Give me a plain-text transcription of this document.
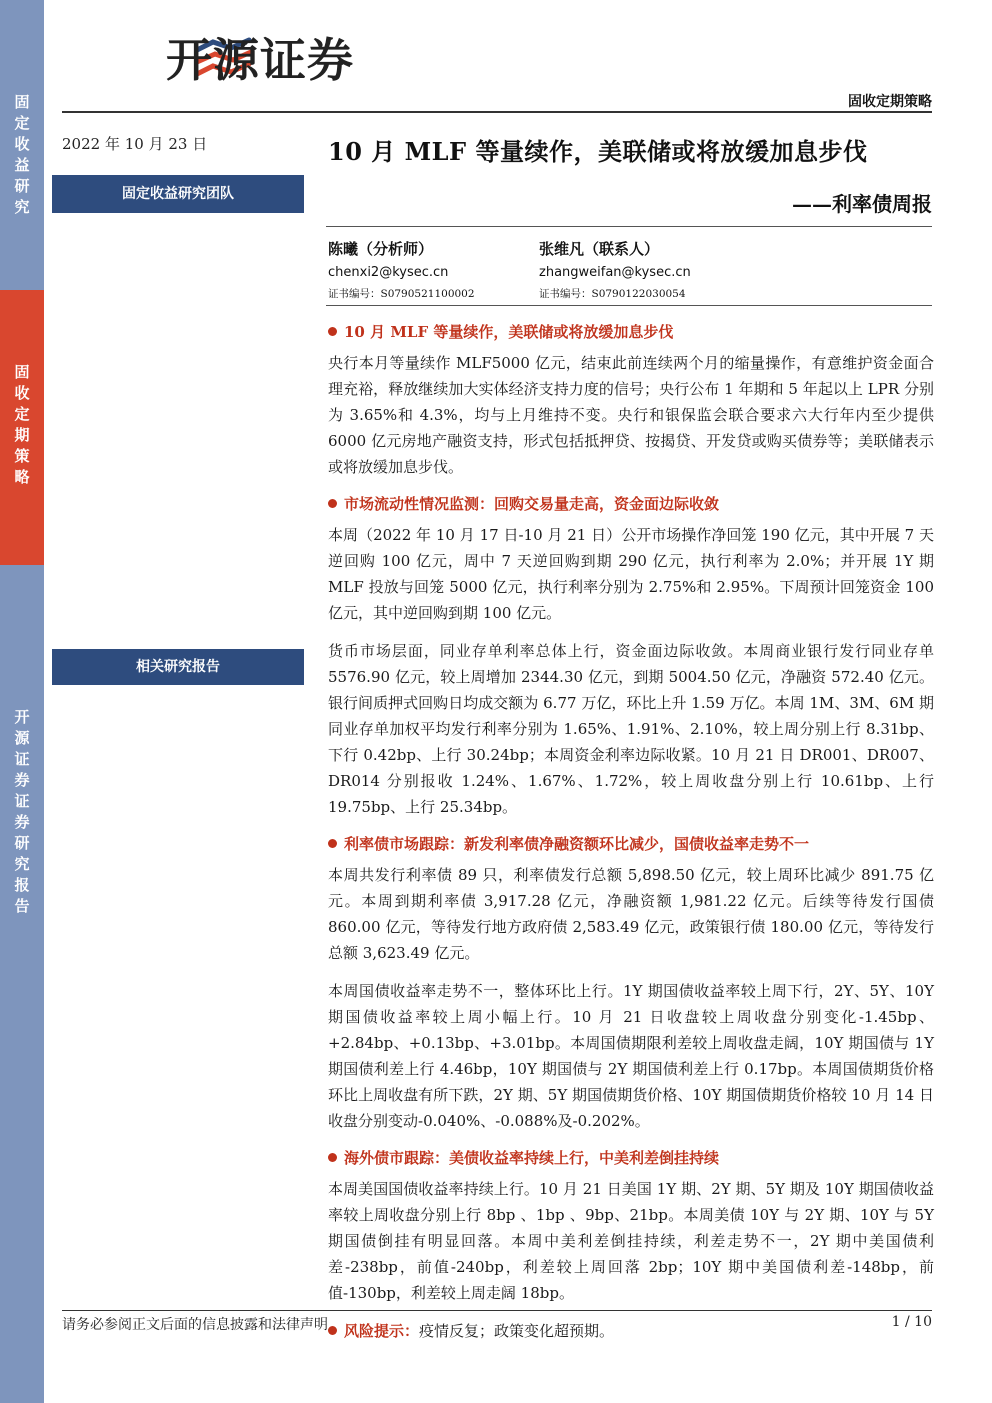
固定收益研究
固收定期策略
开源证券 证券研究报告
开源证券
固收定期策略
2022 年 10 月 23 日
固定收益研究团队
相关研究报告
10 月 MLF 等量续作，美联储或将放缓加息步伐
——利率债周报
陈曦（分析师）
chenxi2@kysec.cn
证书编号：S0790521100002
张维凡（联系人）
zhangweifan@kysec.cn
证书编号：S0790122030054
10 月 MLF 等量续作，美联储或将放缓加息步伐

央行本月等量续作 MLF5000 亿元，结束此前连续两个月的缩量操作，有意维护资金面合理充裕，释放继续加大实体经济支持力度的信号；央行公布 1 年期和 5 年起以上 LPR 分别为 3.65%和 4.3%，均与上月维持不变。央行和银保监会联合要求六大行年内至少提供 6000 亿元房地产融资支持，形式包括抵押贷、按揭贷、开发贷或购买债券等；美联储表示或将放缓加息步伐。

市场流动性情况监测：回购交易量走高，资金面边际收敛

本周（2022 年 10 月 17 日-10 月 21 日）公开市场操作净回笼 190 亿元，其中开展 7 天逆回购 100 亿元，周中 7 天逆回购到期 290 亿元，执行利率为 2.0%；并开展 1Y 期 MLF 投放与回笼 5000 亿元，执行利率分别为 2.75%和 2.95%。下周预计回笼资金 100 亿元，其中逆回购到期 100 亿元。

货币市场层面，同业存单利率总体上行，资金面边际收敛。本周商业银行发行同业存单 5576.90 亿元，较上周增加 2344.30 亿元，到期 5004.50 亿元，净融资 572.40 亿元。银行间质押式回购日均成交额为 6.77 万亿，环比上升 1.59 万亿。本周 1M、3M、6M 期同业存单加权平均发行利率分别为 1.65%、1.91%、2.10%，较上周分别上行 8.31bp、下行 0.42bp、上行 30.24bp；本周资金利率边际收紧。10 月 21 日 DR001、DR007、DR014 分别报收 1.24%、1.67%、1.72%，较上周收盘分别上行 10.61bp、上行 19.75bp、上行 25.34bp。

利率债市场跟踪：新发利率债净融资额环比减少，国债收益率走势不一

本周共发行利率债 89 只，利率债发行总额 5,898.50 亿元，较上周环比减少 891.75 亿元。本周到期利率债 3,917.28 亿元，净融资额 1,981.22 亿元。后续等待发行国债 860.00 亿元，等待发行地方政府债 2,583.49 亿元，政策银行债 180.00 亿元，等待发行总额 3,623.49 亿元。

本周国债收益率走势不一，整体环比上行。1Y 期国债收益率较上周下行，2Y、5Y、10Y 期国债收益率较上周小幅上行。10 月 21 日收盘较上周收盘分别变化-1.45bp、+2.84bp、+0.13bp、+3.01bp。本周国债期限利差较上周收盘走阔，10Y 期国债与 1Y 期国债利差上行 4.46bp，10Y 期国债与 2Y 期国债利差上行 0.17bp。本周国债期货价格环比上周收盘有所下跌，2Y 期、5Y 期国债期货价格、10Y 期国债期货价格较 10 月 14 日收盘分别变动-0.040%、-0.088%及-0.202%。

海外债市跟踪：美债收益率持续上行，中美利差倒挂持续

本周美国国债收益率持续上行。10 月 21 日美国 1Y 期、2Y 期、5Y 期及 10Y 期国债收益率较上周收盘分别上行 8bp 、1bp 、9bp、21bp。本周美债 10Y 与 2Y 期、10Y 与 5Y 期国债倒挂有明显回落。本周中美利差倒挂持续，利差走势不一，2Y 期中美国债利差-238bp，前值-240bp，利差较上周回落 2bp；10Y 期中美国债利差-148bp，前值-130bp，利差较上周走阔 18bp。

风险提示：疫情反复；政策变化超预期。
请务必参阅正文后面的信息披露和法律声明	1 / 10
